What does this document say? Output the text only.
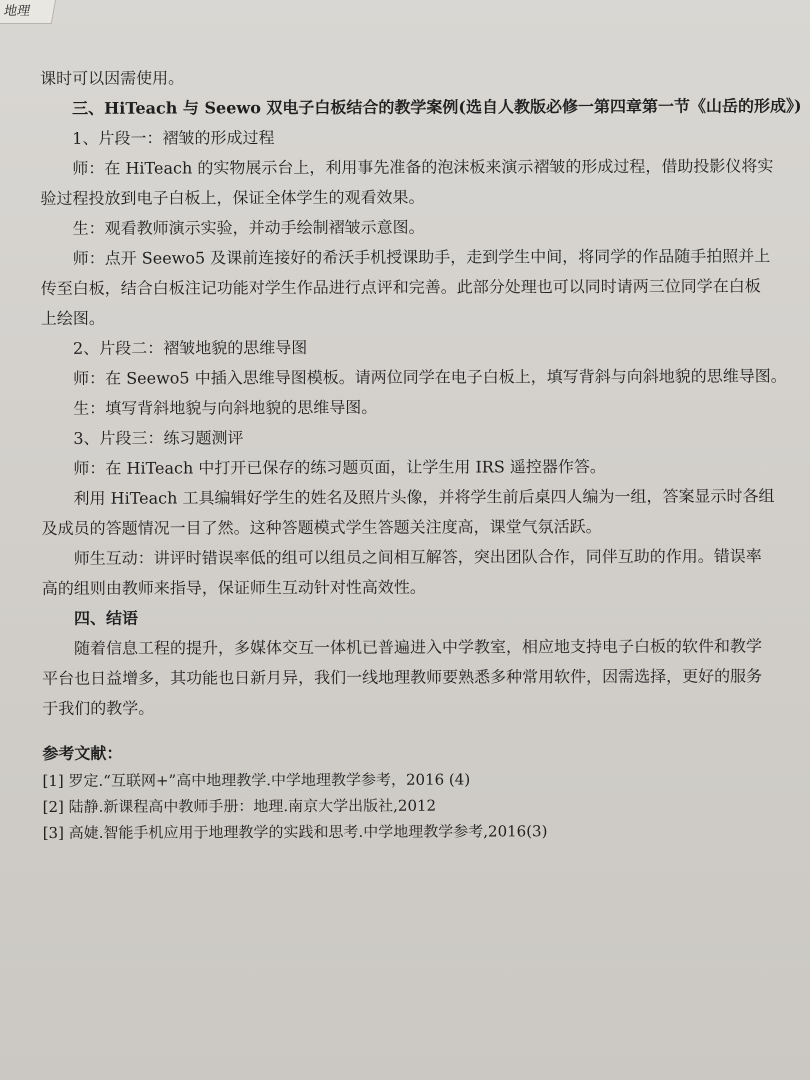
地理
课时可以因需使用。
三、HiTeach 与 Seewo 双电子白板结合的教学案例(选自人教版必修一第四章第一节《山岳的形成》)
1、片段一：褶皱的形成过程
师：在 HiTeach 的实物展示台上，利用事先准备的泡沫板来演示褶皱的形成过程，借助投影仪将实
验过程投放到电子白板上，保证全体学生的观看效果。
生：观看教师演示实验，并动手绘制褶皱示意图。
师：点开 Seewo5 及课前连接好的希沃手机授课助手，走到学生中间，将同学的作品随手拍照并上
传至白板，结合白板注记功能对学生作品进行点评和完善。此部分处理也可以同时请两三位同学在白板
上绘图。
2、片段二：褶皱地貌的思维导图
师：在 Seewo5 中插入思维导图模板。请两位同学在电子白板上，填写背斜与向斜地貌的思维导图。
生：填写背斜地貌与向斜地貌的思维导图。
3、片段三：练习题测评
师：在 HiTeach 中打开已保存的练习题页面，让学生用 IRS 遥控器作答。
利用 HiTeach 工具编辑好学生的姓名及照片头像，并将学生前后桌四人编为一组，答案显示时各组
及成员的答题情况一目了然。这种答题模式学生答题关注度高，课堂气氛活跃。
师生互动：讲评时错误率低的组可以组员之间相互解答，突出团队合作，同伴互助的作用。错误率
高的组则由教师来指导，保证师生互动针对性高效性。
四、结语
随着信息工程的提升，多媒体交互一体机已普遍进入中学教室，相应地支持电子白板的软件和教学
平台也日益增多，其功能也日新月异，我们一线地理教师要熟悉多种常用软件，因需选择，更好的服务
于我们的教学。
参考文献：
[1] 罗定.“互联网+”高中地理教学.中学地理教学参考，2016 (4)
[2] 陆静.新课程高中教师手册：地理.南京大学出版社,2012
[3] 高婕.智能手机应用于地理教学的实践和思考.中学地理教学参考,2016(3)
